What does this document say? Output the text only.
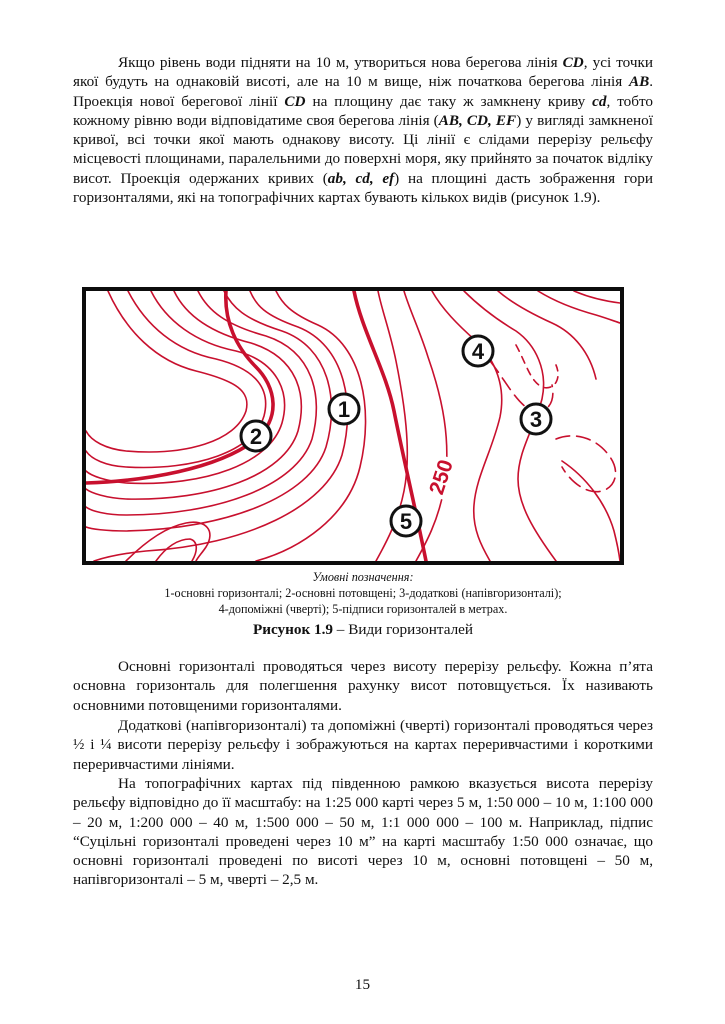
Якщо рівень води підняти на 10 м, утвориться нова берегова лінія CD, усі точки якої будуть на однаковій висоті, але на 10 м вище, ніж початкова берегова лінія AB. Проекція нової берегової лінії CD на площину дає таку ж замкнену криву cd, тобто кожному рівню води відповідатиме своя берегова лінія (AB, CD, EF) у вигляді замкненої кривої, всі точки якої мають однакову висоту. Ці лінії є слідами перерізу рельєфу місцевості площинами, паралельними до поверхні моря, яку прийнято за початок відліку висот. Проекція одержаних кривих (ab, cd, ef) на площині дасть зображення гори горизонталями, які на топографічних картах бувають кількох видів (рисунок 1.9).

250
1
2
3
4
5

Умовні позначення:

1-основні горизонталі; 2-основні потовщені; 3-додаткові (напівгоризонталі);

4-допоміжні (чверті); 5-підписи горизонталей в метрах.

Рисунок 1.9 – Види горизонталей

Основні горизонталі проводяться через висоту перерізу рельєфу. Кожна п’ята основна горизонталь для полегшення рахунку висот потовщується. Їх називають основними потовщеними горизонталями.

Додаткові (напівгоризонталі) та допоміжні (чверті) горизонталі проводяться через ½ і ¼ висоти перерізу рельєфу і зображуються на картах переривчастими і короткими переривчастими лініями.

На топографічних картах під південною рамкою вказується висота перерізу рельєфу відповідно до її масштабу: на 1:25 000 карті через 5 м, 1:50 000 – 10 м, 1:100 000 – 20 м, 1:200 000 – 40 м, 1:500 000 – 50 м, 1:1 000 000 – 100 м. Наприклад, підпис “Суцільні горизонталі проведені через 10 м” на карті масштабу 1:50 000 означає, що основні горизонталі проведені по висоті через 10 м, основні потовщені – 50 м, напівгоризонталі – 5 м, чверті – 2,5 м.

15
